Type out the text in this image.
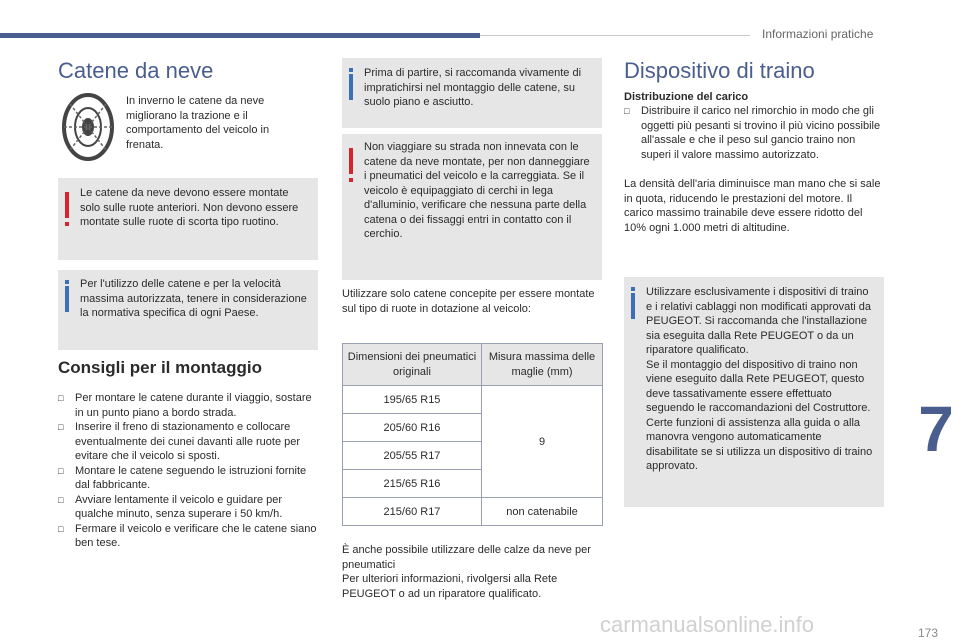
Informazioni pratiche
7
Catene da neve

In inverno le catene da neve migliorano la trazione e il comportamento del veicolo in frenata.

Le catene da neve devono essere montate solo sulle ruote anteriori. Non devono essere montate sulle ruote di scorta tipo ruotino.
Per l'utilizzo delle catene e per la velocità massima autorizzata, tenere in considerazione la normativa specifica di ogni Paese.
Consigli per il montaggio
□ Per montare le catene durante il viaggio, sostare in un punto piano a bordo strada.
□ Inserire il freno di stazionamento e collocare eventualmente dei cunei davanti alle ruote per evitare che il veicolo si sposti.
□ Montare le catene seguendo le istruzioni fornite dal fabbricante.
□ Avviare lentamente il veicolo e guidare per qualche minuto, senza superare i 50 km/h.
□ Fermare il veicolo e verificare che le catene siano ben tese.
Prima di partire, si raccomanda vivamente di impratichirsi nel montaggio delle catene, su suolo piano e asciutto.
Non viaggiare su strada non innevata con le catene da neve montate, per non danneggiare i pneumatici del veicolo e la carreggiata. Se il veicolo è equipaggiato di cerchi in lega d'alluminio, verificare che nessuna parte della catena o dei fissaggi entri in contatto con il cerchio.

Utilizzare solo catene concepite per essere montate sul tipo di ruote in dotazione al veicolo:

Dimensioni dei pneumatici originali	Misura massima delle maglie (mm)
195/65 R15	9
205/60 R16	
205/55 R17	
215/65 R16	
215/60 R17	non catenabile

È anche possibile utilizzare delle calze da neve per pneumatici

Per ulteriori informazioni, rivolgersi alla Rete PEUGEOT o ad un riparatore qualificato.

Dispositivo di traino

Distribuzione del carico

□ Distribuire il carico nel rimorchio in modo che gli oggetti più pesanti si trovino il più vicino possibile all'assale e che il peso sul gancio traino non superi il valore massimo autorizzato.

La densità dell'aria diminuisce man mano che si sale in quota, riducendo le prestazioni del motore. Il carico massimo trainabile deve essere ridotto del 10% ogni 1.000 metri di altitudine.

Utilizzare esclusivamente i dispositivi di traino e i relativi cablaggi non modificati approvati da PEUGEOT. Si raccomanda che l'installazione sia eseguita dalla Rete PEUGEOT o da un riparatore qualificato.
Se il montaggio del dispositivo di traino non viene eseguito dalla Rete PEUGEOT, questo deve tassativamente essere effettuato seguendo le raccomandazioni del Costruttore.
Certe funzioni di assistenza alla guida o alla manovra vengono automaticamente disabilitate se si utilizza un dispositivo di traino approvato.
carmanualsonline.info	173
